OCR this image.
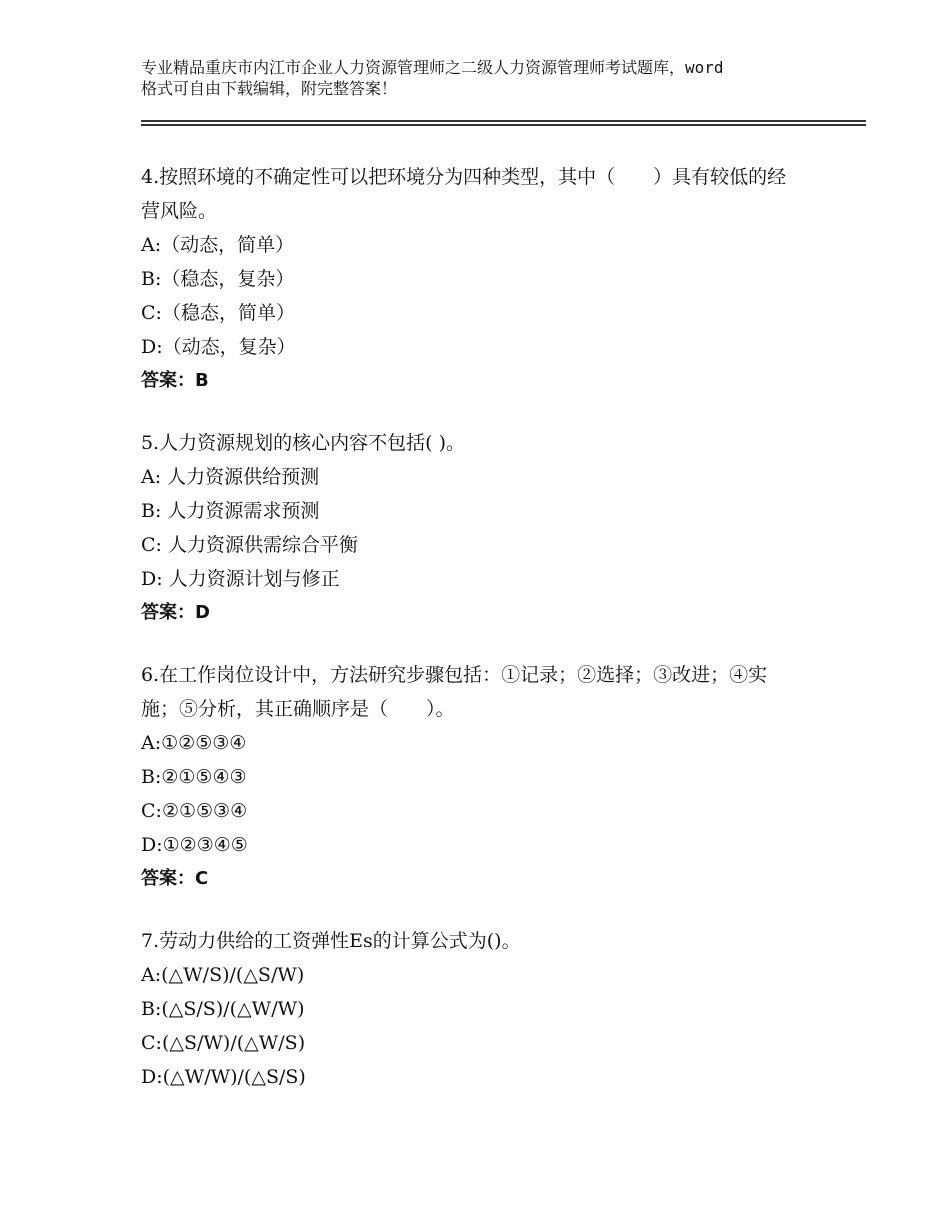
专业精品重庆市内江市企业人力资源管理师之二级人力资源管理师考试题库，word
格式可自由下载编辑，附完整答案！

4.按照环境的不确定性可以把环境分为四种类型，其中（　　）具有较低的经营风险。

A:（动态，简单）

B:（稳态，复杂）

C:（稳态，简单）

D:（动态，复杂）

答案：B

5.人力资源规划的核心内容不包括( )。

A: 人力资源供给预测

B: 人力资源需求预测

C: 人力资源供需综合平衡

D: 人力资源计划与修正

答案：D

6.在工作岗位设计中，方法研究步骤包括：①记录；②选择；③改进；④实施；⑤分析，其正确顺序是（　　）。

A:①②⑤③④

B:②①⑤④③

C:②①⑤③④

D:①②③④⑤

答案：C

7.劳动力供给的工资弹性Es的计算公式为()。

A:(△W/S)/(△S/W)

B:(△S/S)/(△W/W)

C:(△S/W)/(△W/S)

D:(△W/W)/(△S/S)
